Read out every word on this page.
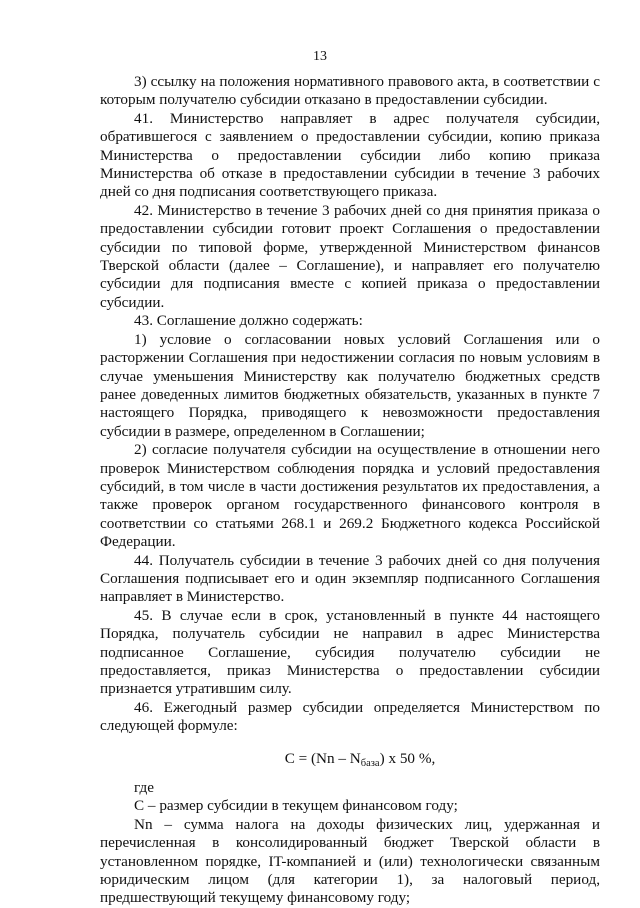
13

3) ссылку на положения нормативного правового акта, в соответствии с которым получателю субсидии отказано в предоставлении субсидии.

41. Министерство направляет в адрес получателя субсидии, обратившегося с заявлением о предоставлении субсидии, копию приказа Министерства о предоставлении субсидии либо копию приказа Министерства об отказе в предоставлении субсидии в течение 3 рабочих дней со дня подписания соответствующего приказа.

42. Министерство в течение 3 рабочих дней со дня принятия приказа о предоставлении субсидии готовит проект Соглашения о предоставлении субсидии по типовой форме, утвержденной Министерством финансов Тверской области (далее – Соглашение), и направляет его получателю субсидии для подписания вместе с копией приказа о предоставлении субсидии.

43. Соглашение должно содержать:

1) условие о согласовании новых условий Соглашения или о расторжении Соглашения при недостижении согласия по новым условиям в случае уменьшения Министерству как получателю бюджетных средств ранее доведенных лимитов бюджетных обязательств, указанных в пункте 7 настоящего Порядка, приводящего к невозможности предоставления субсидии в размере, определенном в Соглашении;

2) согласие получателя субсидии на осуществление в отношении него проверок Министерством соблюдения порядка и условий предоставления субсидий, в том числе в части достижения результатов их предоставления, а также проверок органом государственного финансового контроля в соответствии со статьями 268.1 и 269.2 Бюджетного кодекса Российской Федерации.

44. Получатель субсидии в течение 3 рабочих дней со дня получения Соглашения подписывает его и один экземпляр подписанного Соглашения направляет в Министерство.

45. В случае если в срок, установленный в пункте 44 настоящего Порядка, получатель субсидии не направил в адрес Министерства подписанное Соглашение, субсидия получателю субсидии не предоставляется, приказ Министерства о предоставлении субсидии признается утратившим силу.

46. Ежегодный размер субсидии определяется Министерством по следующей формуле:

$C = (Nn - N_{база})$ х 50 %,

где

C – размер субсидии в текущем финансовом году;

Nn – сумма налога на доходы физических лиц, удержанная и перечисленная в консолидированный бюджет Тверской области в установленном порядке, IT-компанией и (или) технологически связанным юридическим лицом (для категории 1), за налоговый период, предшествующий текущему финансовому году;
